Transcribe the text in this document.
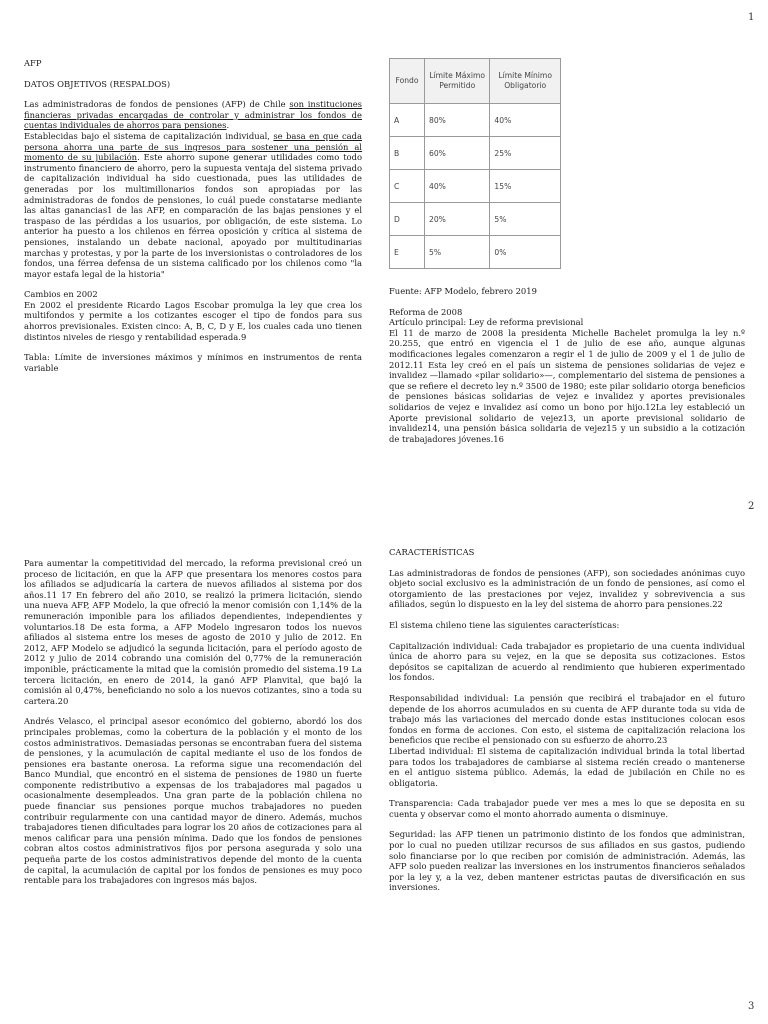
1
2
3

AFP

DATOS OBJETIVOS (RESPALDOS)

Las administradoras de fondos de pensiones (AFP) de Chile son instituciones financieras privadas encargadas de controlar y administrar los fondos de cuentas individuales de ahorros para pensiones.

Establecidas bajo el sistema de capitalización individual, se basa en que cada persona ahorra una parte de sus ingresos para sostener una pensión al momento de su jubilación. Este ahorro supone generar utilidades como todo instrumento financiero de ahorro, pero la supuesta ventaja del sistema privado de capitalización individual ha sido cuestionada, pues las utilidades de generadas por los multimillonarios fondos son apropiadas por las administradoras de fondos de pensiones, lo cuál puede constatarse mediante las altas ganancias1 de las AFP, en comparación de las bajas pensiones y el traspaso de las pérdidas a los usuarios, por obligación, de este sistema. Lo anterior ha puesto a los chilenos en férrea oposición y crítica al sistema de pensiones, instalando un debate nacional, apoyado por multitudinarias marchas y protestas, y por la parte de los inversionistas o controladores de los fondos, una férrea defensa de un sistema calificado por los chilenos como "la mayor estafa legal de la historia"

Cambios en 2002

En 2002 el presidente Ricardo Lagos Escobar promulga la ley que crea los multifondos y permite a los cotizantes escoger el tipo de fondos para sus ahorros previsionales. Existen cinco: A, B, C, D y E, los cuales cada uno tienen distintos niveles de riesgo y rentabilidad esperada.9

Tabla: Límite de inversiones máximos y mínimos en instrumentos de renta variable

Fondo	Límite Máximo Permitido	Límite Mínimo Obligatorio
A	80%	40%
B	60%	25%
C	40%	15%
D	20%	5%
E	5%	0%

Fuente: AFP Modelo, febrero 2019

Reforma de 2008

Artículo principal: Ley de reforma previsional

El 11 de marzo de 2008 la presidenta Michelle Bachelet promulga la ley n.º 20.255, que entró en vigencia el 1 de julio de ese año, aunque algunas modificaciones legales comenzaron a regir el 1 de julio de 2009 y el 1 de julio de 2012.11 Esta ley creó en el país un sistema de pensiones solidarias de vejez e invalidez —llamado «pilar solidario»—, complementario del sistema de pensiones a que se refiere el decreto ley n.º 3500 de 1980; este pilar solidario otorga beneficios de pensiones básicas solidarias de vejez e invalidez y aportes previsionales solidarios de vejez e invalidez así como un bono por hijo.12La ley estableció un Aporte previsional solidario de vejez13, un aporte previsional solidario de invalidez14, una pensión básica solidaria de vejez15 y un subsidio a la cotización de trabajadores jóvenes.16

Para aumentar la competitividad del mercado, la reforma previsional creó un proceso de licitación, en que la AFP que presentara los menores costos para los afiliados se adjudicaría la cartera de nuevos afiliados al sistema por dos años.11 17 En febrero del año 2010, se realizó la primera licitación, siendo una nueva AFP, AFP Modelo, la que ofreció la menor comisión con 1,14% de la remuneración imponible para los afiliados dependientes, independientes y voluntarios.18 De esta forma, a AFP Modelo ingresaron todos los nuevos afiliados al sistema entre los meses de agosto de 2010 y julio de 2012. En 2012, AFP Modelo se adjudicó la segunda licitación, para el período agosto de 2012 y julio de 2014 cobrando una comisión del 0,77% de la remuneración imponible, prácticamente la mitad que la comisión promedio del sistema.19 La tercera licitación, en enero de 2014, la ganó AFP Planvital, que bajó la comisión al 0,47%, beneficiando no solo a los nuevos cotizantes, sino a toda su cartera.20

Andrés Velasco, el principal asesor económico del gobierno, abordó los dos principales problemas, como la cobertura de la población y el monto de los costos administrativos. Demasiadas personas se encontraban fuera del sistema de pensiones, y la acumulación de capital mediante el uso de los fondos de pensiones era bastante onerosa. La reforma sigue una recomendación del Banco Mundial, que encontró en el sistema de pensiones de 1980 un fuerte componente redistributivo a expensas de los trabajadores mal pagados u ocasionalmente desempleados. Una gran parte de la población chilena no puede financiar sus pensiones porque muchos trabajadores no pueden contribuir regularmente con una cantidad mayor de dinero. Además, muchos trabajadores tienen dificultades para lograr los 20 años de cotizaciones para al menos calificar para una pensión mínima. Dado que los fondos de pensiones cobran altos costos administrativos fijos por persona asegurada y solo una pequeña parte de los costos administrativos depende del monto de la cuenta de capital, la acumulación de capital por los fondos de pensiones es muy poco rentable para los trabajadores con ingresos más bajos.

CARACTERÍSTICAS

Las administradoras de fondos de pensiones (AFP), son sociedades anónimas cuyo objeto social exclusivo es la administración de un fondo de pensiones, así como el otorgamiento de las prestaciones por vejez, invalidez y sobrevivencia a sus afiliados, según lo dispuesto en la ley del sistema de ahorro para pensiones.22

El sistema chileno tiene las siguientes características:

Capitalización individual: Cada trabajador es propietario de una cuenta individual única de ahorro para su vejez, en la que se deposita sus cotizaciones. Estos depósitos se capitalizan de acuerdo al rendimiento que hubieren experimentado los fondos.

Responsabilidad individual: La pensión que recibirá el trabajador en el futuro depende de los ahorros acumulados en su cuenta de AFP durante toda su vida de trabajo más las variaciones del mercado donde estas instituciones colocan esos fondos en forma de acciones. Con esto, el sistema de capitalización relaciona los beneficios que recibe el pensionado con su esfuerzo de ahorro.23

Libertad individual: El sistema de capitalización individual brinda la total libertad para todos los trabajadores de cambiarse al sistema recién creado o mantenerse en el antiguo sistema público. Además, la edad de jubilación en Chile no es obligatoria.

Transparencia: Cada trabajador puede ver mes a mes lo que se deposita en su cuenta y observar como el monto ahorrado aumenta o disminuye.

Seguridad: las AFP tienen un patrimonio distinto de los fondos que administran, por lo cual no pueden utilizar recursos de sus afiliados en sus gastos, pudiendo solo financiarse por lo que reciben por comisión de administración. Además, las AFP solo pueden realizar las inversiones en los instrumentos financieros señalados por la ley y, a la vez, deben mantener estrictas pautas de diversificación en sus inversiones.
